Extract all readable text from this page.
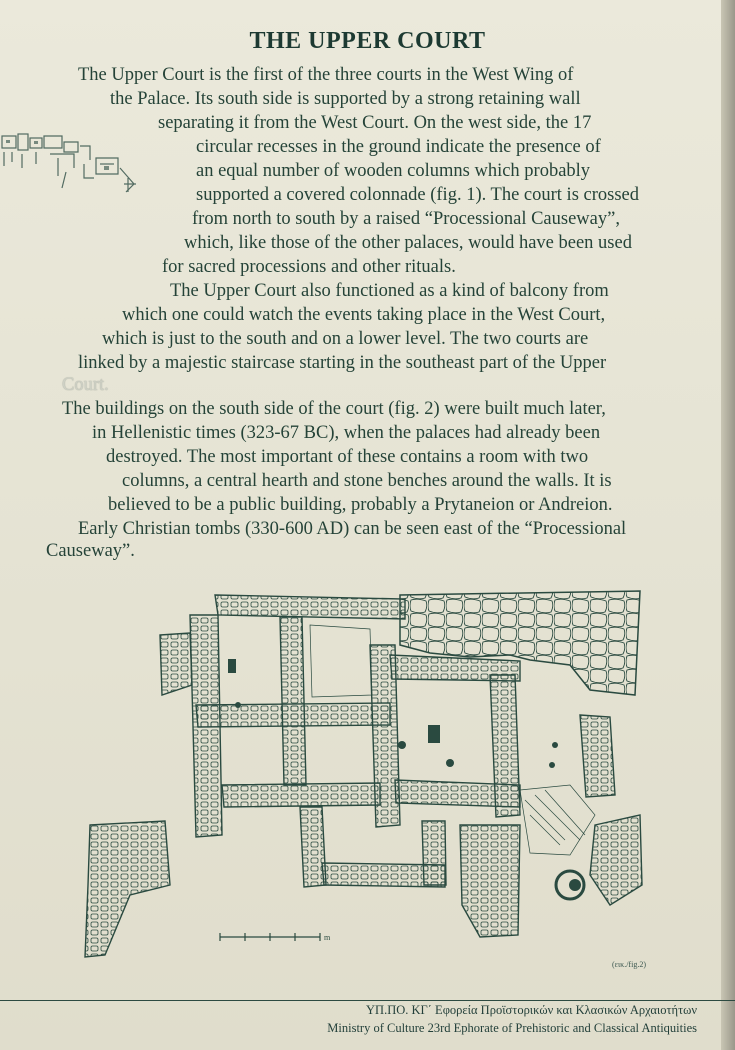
THE UPPER COURT
The Upper Court is the first of the three courts in the West Wing of
the Palace. Its south side is supported by a strong retaining wall
separating it from the West Court. On the west side, the 17
circular recesses in the ground indicate the presence of
an equal number of wooden columns which probably
supported a covered colonnade (fig. 1). The court is crossed
from north to south by a raised “Processional Causeway”,
which, like those of the other palaces, would have been used
for sacred processions and other rituals.
The Upper Court also functioned as a kind of balcony from
which one could watch the events taking place in the West Court,
which is just to the south and on a lower level. The two courts are
linked by a majestic staircase starting in the southeast part of the Upper
Court.
The buildings on the south side of the court (fig. 2) were built much later,
in Hellenistic times (323-67 BC), when the palaces had already been
destroyed. The most important of these contains a room with two
columns, a central hearth and stone benches around the walls. It is
believed to be a public building, probably a Prytaneion or Andreion.
Early Christian tombs (330-600 AD) can be seen east of the “Processional
Causeway”.
m
(εικ./fig.2)
ΥΠ.ΠΟ. ΚΓ΄ Εφορεία Προϊστορικών και Κλασικών Αρχαιοτήτων
Ministry of Culture 23rd Ephorate of Prehistoric and Classical Antiquities
